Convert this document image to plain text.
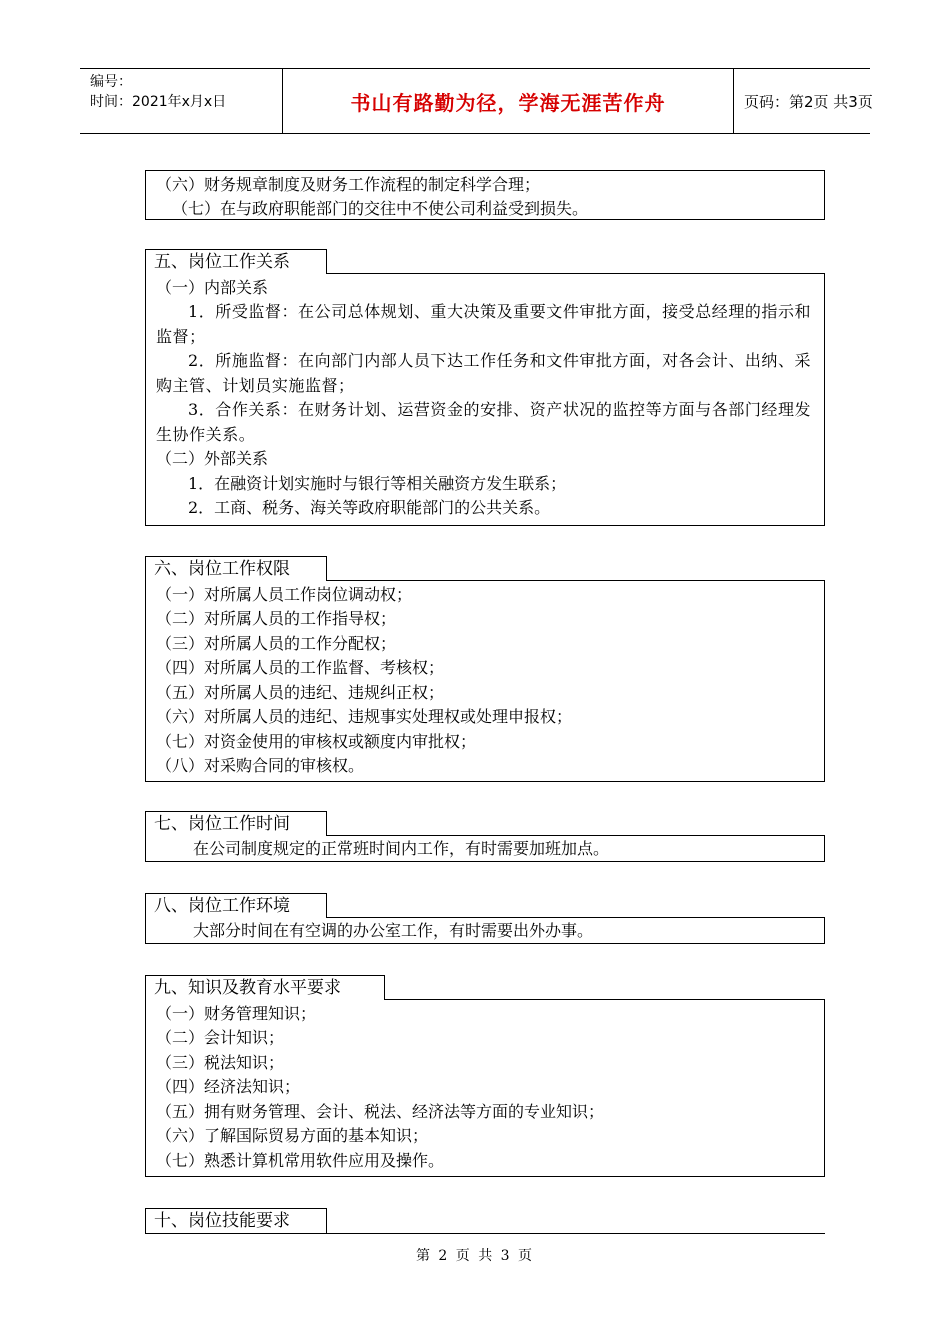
编号：
时间：2021年x月x日	书山有路勤为径，学海无涯苦作舟	页码：第2页 共3页
（六）财务规章制度及财务工作流程的制定科学合理；
（七）在与政府职能部门的交往中不使公司利益受到损失。
五、岗位工作关系
（一）内部关系
1．所受监督：在公司总体规划、重大决策及重要文件审批方面，接受总经理的指示和监督；
2．所施监督：在向部门内部人员下达工作任务和文件审批方面，对各会计、出纳、采购主管、计划员实施监督；
3．合作关系：在财务计划、运营资金的安排、资产状况的监控等方面与各部门经理发生协作关系。
（二）外部关系
1．在融资计划实施时与银行等相关融资方发生联系；
2．工商、税务、海关等政府职能部门的公共关系。
六、岗位工作权限
（一）对所属人员工作岗位调动权；
（二）对所属人员的工作指导权；
（三）对所属人员的工作分配权；
（四）对所属人员的工作监督、考核权；
（五）对所属人员的违纪、违规纠正权；
（六）对所属人员的违纪、违规事实处理权或处理申报权；
（七）对资金使用的审核权或额度内审批权；
（八）对采购合同的审核权。
七、岗位工作时间
在公司制度规定的正常班时间内工作，有时需要加班加点。
八、岗位工作环境
大部分时间在有空调的办公室工作，有时需要出外办事。
九、知识及教育水平要求
（一）财务管理知识；
（二）会计知识；
（三）税法知识；
（四）经济法知识；
（五）拥有财务管理、会计、税法、经济法等方面的专业知识；
（六）了解国际贸易方面的基本知识；
（七）熟悉计算机常用软件应用及操作。
十、岗位技能要求
第 2 页 共 3 页
